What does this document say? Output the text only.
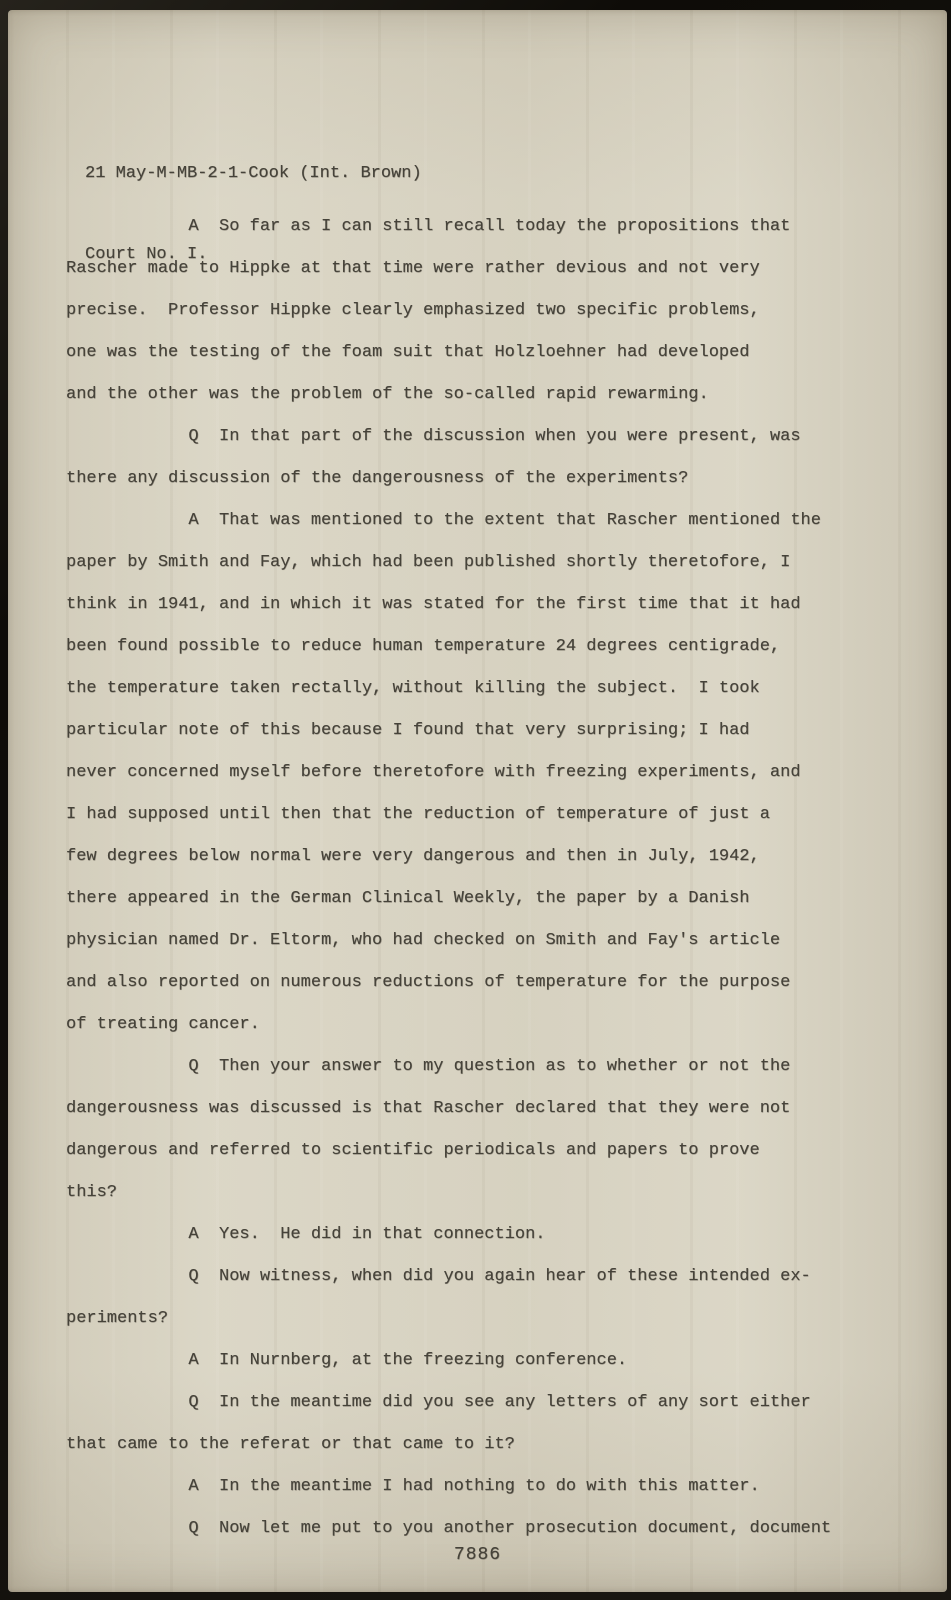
21 May-M-MB-2-1-Cook (Int. Brown)

Court No. I.

A  So far as I can still recall today the propositions that
Rascher made to Hippke at that time were rather devious and not very
precise.  Professor Hippke clearly emphasized two specific problems,
one was the testing of the foam suit that Holzloehner had developed
and the other was the problem of the so-called rapid rewarming.
Q  In that part of the discussion when you were present, was
there any discussion of the dangerousness of the experiments?
A  That was mentioned to the extent that Rascher mentioned the
paper by Smith and Fay, which had been published shortly theretofore, I
think in 1941, and in which it was stated for the first time that it had
been found possible to reduce human temperature 24 degrees centigrade,
the temperature taken rectally, without killing the subject.  I took
particular note of this because I found that very surprising; I had
never concerned myself before theretofore with freezing experiments, and
I had supposed until then that the reduction of temperature of just a
few degrees below normal were very dangerous and then in July, 1942,
there appeared in the German Clinical Weekly, the paper by a Danish
physician named Dr. Eltorm, who had checked on Smith and Fay's article
and also reported on numerous reductions of temperature for the purpose
of treating cancer.
Q  Then your answer to my question as to whether or not the
dangerousness was discussed is that Rascher declared that they were not
dangerous and referred to scientific periodicals and papers to prove
this?
A  Yes.  He did in that connection.
Q  Now witness, when did you again hear of these intended ex-
periments?
A  In Nurnberg, at the freezing conference.
Q  In the meantime did you see any letters of any sort either
that came to the referat or that came to it?
A  In the meantime I had nothing to do with this matter.
Q  Now let me put to you another prosecution document, document
7886
